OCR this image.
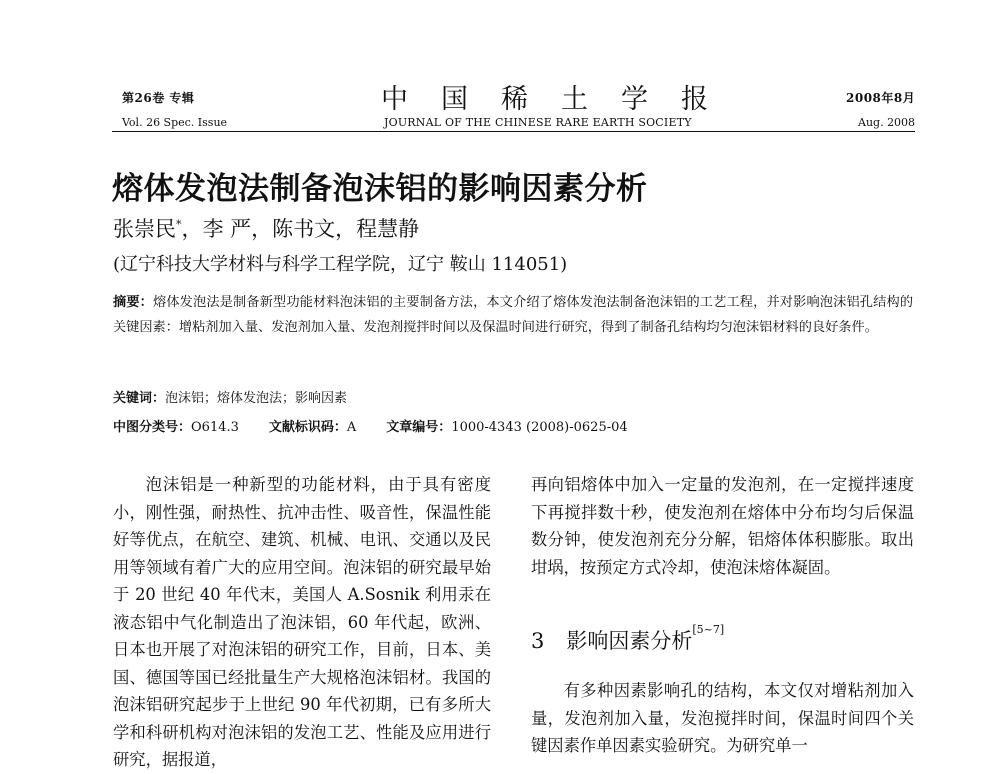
第26卷 专辑	中国稀土学报	2008年8月
Vol. 26 Spec. Issue	JOURNAL OF THE CHINESE RARE EARTH SOCIETY	Aug. 2008
熔体发泡法制备泡沫铝的影响因素分析
张崇民*，李 严，陈书文，程慧静
(辽宁科技大学材料与科学工程学院，辽宁 鞍山 114051)
摘要：熔体发泡法是制备新型功能材料泡沫铝的主要制备方法，本文介绍了熔体发泡法制备泡沫铝的工艺工程，并对影响泡沫铝孔结构的关键因素：增粘剂加入量、发泡剂加入量、发泡剂搅拌时间以及保温时间进行研究，得到了制备孔结构均匀泡沫铝材料的良好条件。
关键词：泡沫铝；熔体发泡法；影响因素
中图分类号：O614.3 文献标识码：A 文章编号：1000-4343 (2008)-0625-04

泡沫铝是一种新型的功能材料，由于具有密度小，刚性强，耐热性、抗冲击性、吸音性，保温性能好等优点，在航空、建筑、机械、电讯、交通以及民用等领域有着广大的应用空间。泡沫铝的研究最早始于 20 世纪 40 年代末，美国人 A.Sosnik 利用汞在液态铝中气化制造出了泡沫铝，60 年代起，欧洲、日本也开展了对泡沫铝的研究工作，目前，日本、美国、德国等国已经批量生产大规格泡沫铝材。我国的泡沫铝研究起步于上世纪 90 年代初期，已有多所大学和科研机构对泡沫铝的发泡工艺、性能及应用进行研究，据报道，

再向铝熔体中加入一定量的发泡剂，在一定搅拌速度下再搅拌数十秒，使发泡剂在熔体中分布均匀后保温数分钟，使发泡剂充分分解，铝熔体体积膨胀。取出坩埚，按预定方式冷却，使泡沫熔体凝固。

3 影响因素分析[5~7]

有多种因素影响孔的结构，本文仅对增粘剂加入量，发泡剂加入量，发泡搅拌时间，保温时间四个关键因素作单因素实验研究。为研究单一
